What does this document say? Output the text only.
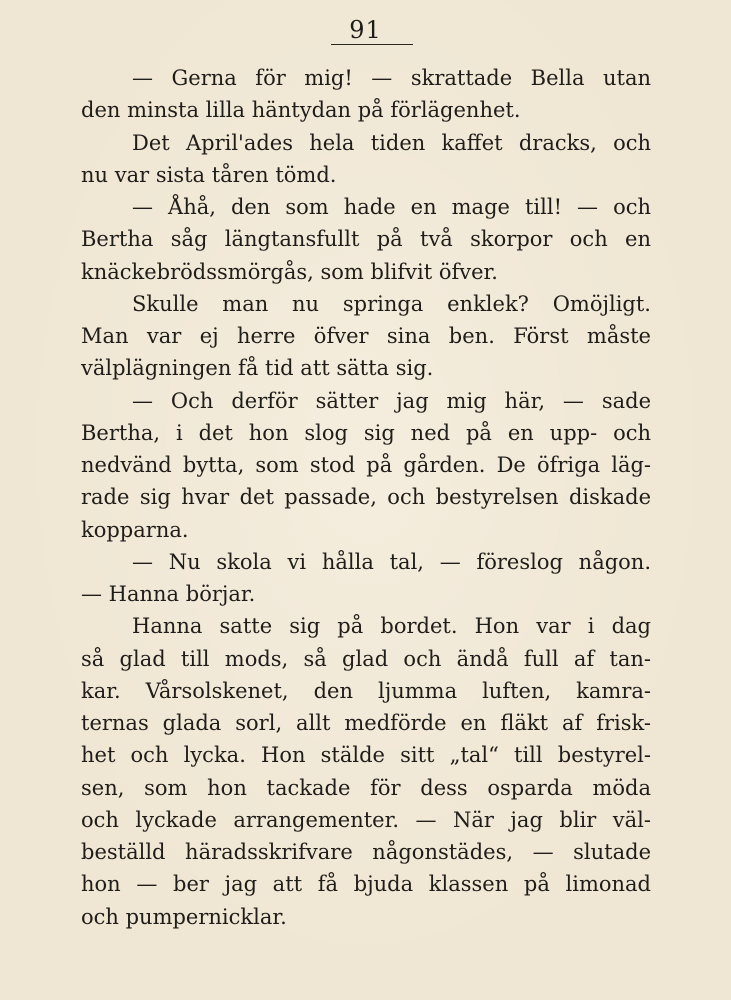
91
— Gerna för mig! — skrattade Bella utan
den minsta lilla häntydan på förlägenhet.
Det April'ades hela tiden kaffet dracks, och
nu var sista tåren tömd.
— Åhå, den som hade en mage till! — och
Bertha såg längtansfullt på två skorpor och en
knäckebrödssmörgås, som blifvit öfver.
Skulle man nu springa enklek? Omöjligt.
Man var ej herre öfver sina ben. Först måste
välplägningen få tid att sätta sig.
— Och derför sätter jag mig här, — sade
Bertha, i det hon slog sig ned på en upp- och
nedvänd bytta, som stod på gården. De öfriga läg-
rade sig hvar det passade, och bestyrelsen diskade
kopparna.
— Nu skola vi hålla tal, — föreslog någon.
— Hanna börjar.
Hanna satte sig på bordet. Hon var i dag
så glad till mods, så glad och ändå full af tan-
kar. Vårsolskenet, den ljumma luften, kamra-
ternas glada sorl, allt medförde en fläkt af frisk-
het och lycka. Hon stälde sitt „tal“ till bestyrel-
sen, som hon tackade för dess osparda möda
och lyckade arrangementer. — När jag blir väl-
beställd häradsskrifvare någonstädes, — slutade
hon — ber jag att få bjuda klassen på limonad
och pumpernicklar.
